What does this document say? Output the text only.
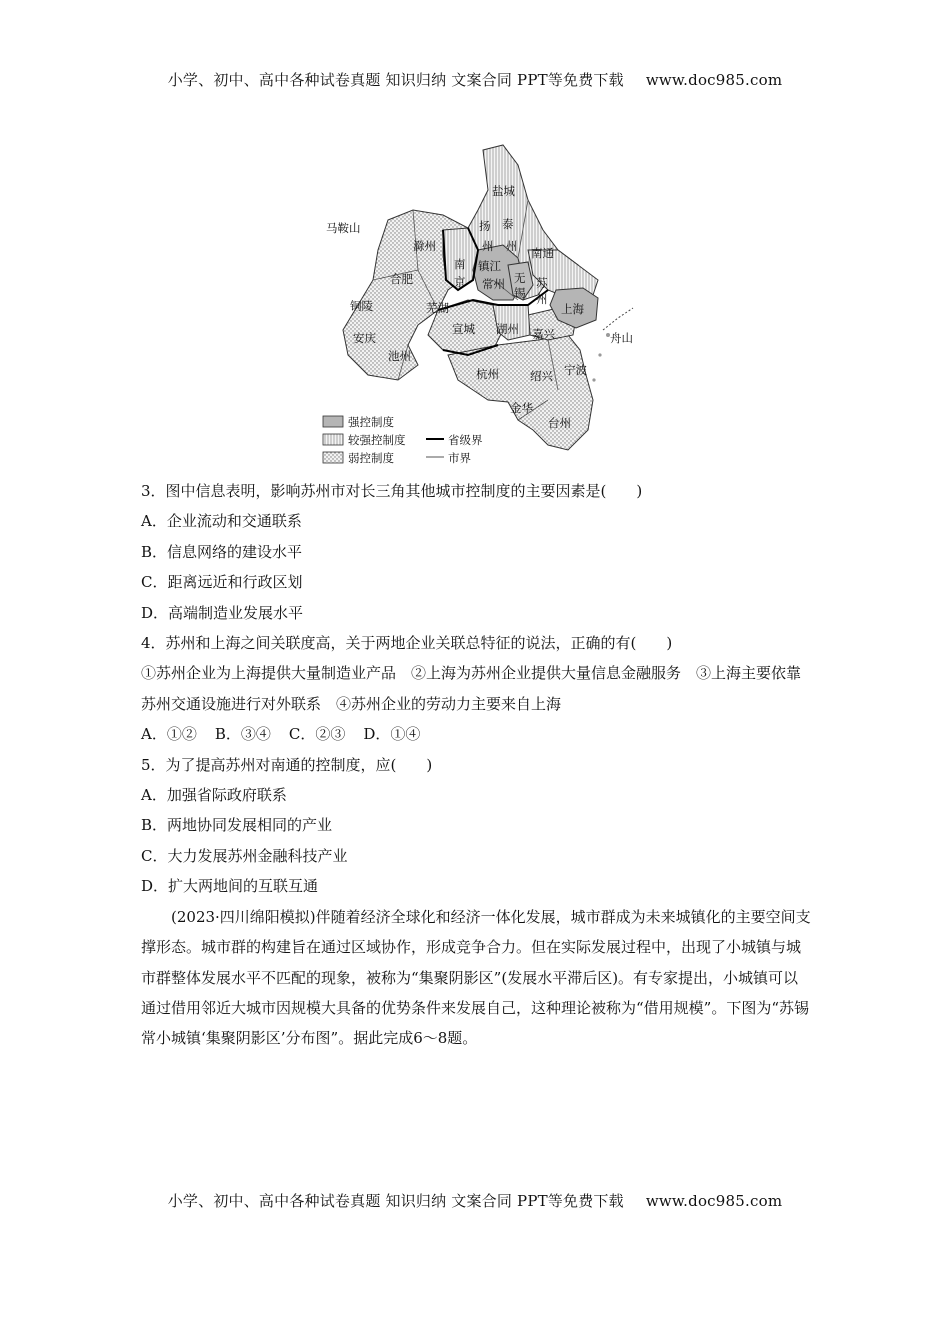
小学、初中、高中各种试卷真题 知识归纳 文案合同 PPT等免费下载 www.doc985.com
盐城
扬 泰
州 州 南通
马鞍山
滁州
南
京
镇江
常州 无
锡
苏
州
合肥
上海
芜湖
铜陵
安庆
池州
宣城 湖州 嘉兴	舟山
杭州	绍兴 宁波
金华
台州
强控制度
较强控制度
弱控制度
省级界
市界

3．图中信息表明，影响苏州市对长三角其他城市控制度的主要因素是(　　)

A．企业流动和交通联系

B．信息网络的建设水平

C．距离远近和行政区划

D．高端制造业发展水平

4．苏州和上海之间关联度高，关于两地企业关联总特征的说法，正确的有(　　)

①苏州企业为上海提供大量制造业产品　②上海为苏州企业提供大量信息金融服务　③上海主要依靠苏州交通设施进行对外联系　④苏州企业的劳动力主要来自上海

A．①② B．③④ C．②③ D．①④

5．为了提高苏州对南通的控制度，应(　　)

A．加强省际政府联系

B．两地协同发展相同的产业

C．大力发展苏州金融科技产业

D．扩大两地间的互联互通

(2023·四川绵阳模拟)伴随着经济全球化和经济一体化发展，城市群成为未来城镇化的主要空间支撑形态。城市群的构建旨在通过区域协作，形成竞争合力。但在实际发展过程中，出现了小城镇与城市群整体发展水平不匹配的现象，被称为“集聚阴影区”(发展水平滞后区)。有专家提出，小城镇可以通过借用邻近大城市因规模大具备的优势条件来发展自己，这种理论被称为“借用规模”。下图为“苏锡常小城镇‘集聚阴影区’分布图”。据此完成6～8题。

小学、初中、高中各种试卷真题 知识归纳 文案合同 PPT等免费下载 www.doc985.com
